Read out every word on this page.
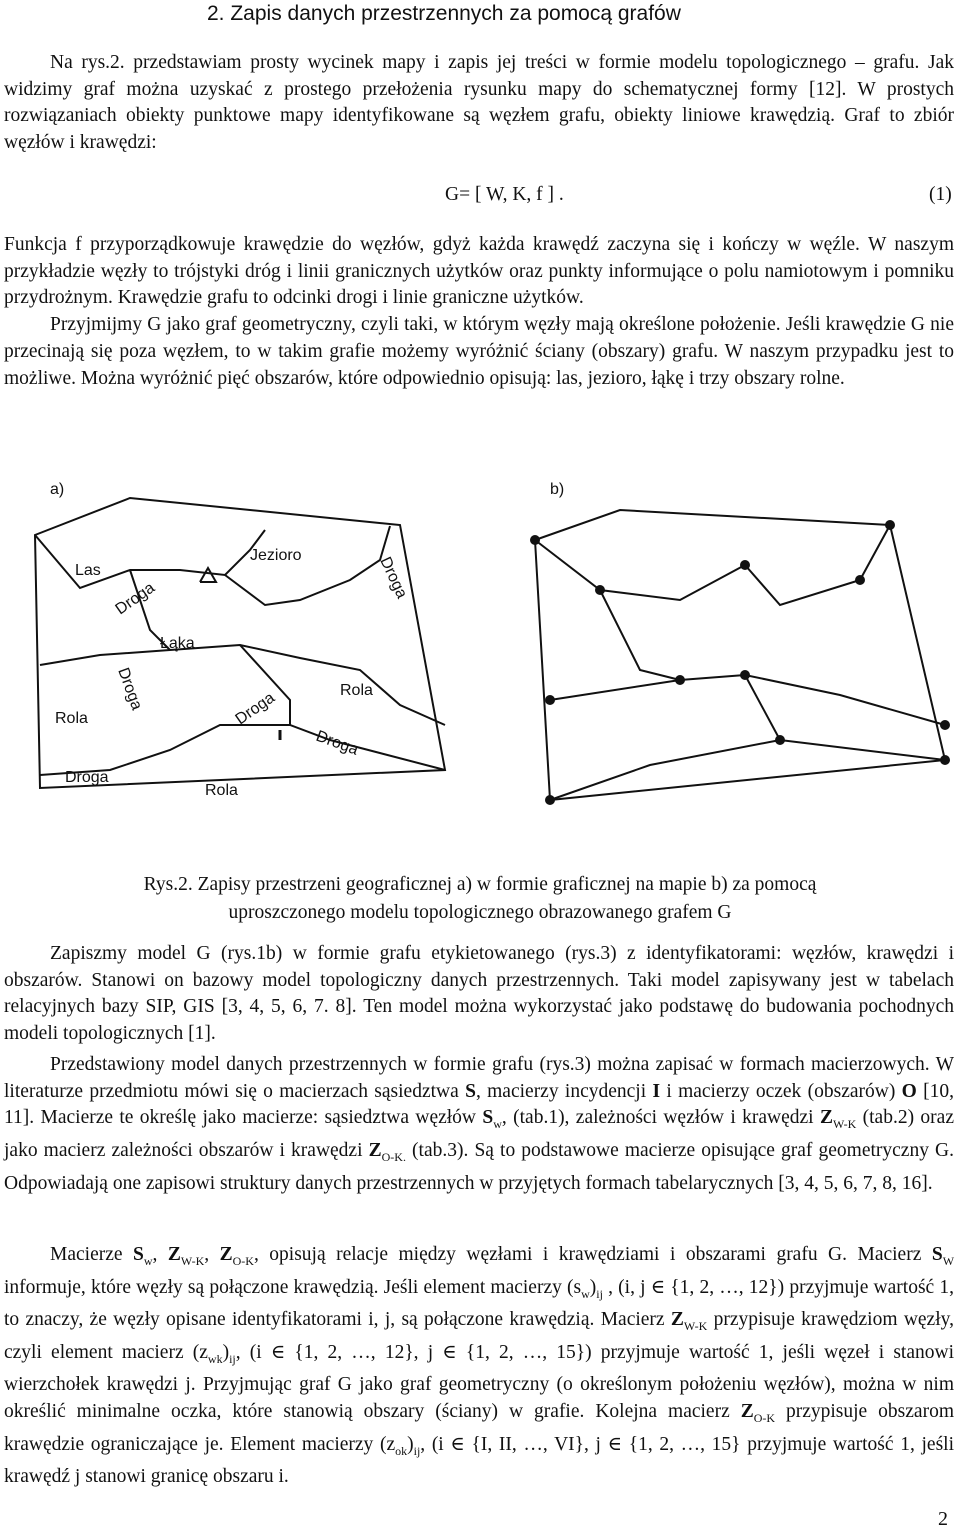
2. Zapis danych przestrzennych za pomocą grafów

Na rys.2. przedstawiam prosty wycinek mapy i zapis jej treści w formie modelu topologicznego – grafu. Jak widzimy graf można uzyskać z prostego przełożenia rysunku mapy do schematycznej formy [12]. W prostych rozwiązaniach obiekty punktowe mapy identyfikowane są węzłem grafu, obiekty liniowe krawędzią. Graf to zbiór węzłów i krawędzi:

G= [ W, K, f ] .	(1)

Funkcja f przyporządkowuje krawędzie do węzłów, gdyż każda krawędź zaczyna się i kończy w węźle. W naszym przykładzie węzły to trójstyki dróg i linii granicznych użytków oraz punkty informujące o polu namiotowym i pomniku przydrożnym. Krawędzie grafu to odcinki drogi i linie graniczne użytków.

Przyjmijmy G jako graf geometryczny, czyli taki, w którym węzły mają określone położenie. Jeśli krawędzie G nie przecinają się poza węzłem, to w takim grafie możemy wyróżnić ściany (obszary) grafu. W naszym przypadku jest to możliwe. Można wyróżnić pięć obszarów, które odpowiednio opisują: las, jezioro, łąkę i trzy obszary rolne.

a)	b)
Las
Jezioro
Łąka
Rola
Rola
Rola
Droga	Droga
Droga	Droga
Droga
Droga
Rys.2. Zapisy przestrzeni geograficznej a) w formie graficznej na mapie b) za pomocą
uproszczonego modelu topologicznego obrazowanego grafem G

Zapiszmy model G (rys.1b) w formie grafu etykietowanego (rys.3) z identyfikatorami: węzłów, krawędzi i obszarów. Stanowi on bazowy model topologiczny danych przestrzennych. Taki model zapisywany jest w tabelach relacyjnych bazy SIP, GIS [3, 4, 5, 6, 7. 8]. Ten model można wykorzystać jako podstawę do budowania pochodnych modeli topologicznych [1].

Przedstawiony model danych przestrzennych w formie grafu (rys.3) można zapisać w formach macierzowych. W literaturze przedmiotu mówi się o macierzach sąsiedztwa S, macierzy incydencji I i macierzy oczek (obszarów) O [10, 11]. Macierze te określę jako macierze: sąsiedztwa węzłów $S_w$, (tab.1), zależności węzłów i krawędzi $Z_{W-K}$ (tab.2) oraz jako macierz zależności obszarów i krawędzi $Z_{O-K.}$ (tab.3). Są to podstawowe macierze opisujące graf geometryczny G. Odpowiadają one zapisowi struktury danych przestrzennych w przyjętych formach tabelarycznych [3, 4, 5, 6, 7, 8, 16].

Macierze $S_w$, $Z_{W-K}$, $Z_{O-K}$, opisują relacje między węzłami i krawędziami i obszarami grafu G. Macierz $S_W$ informuje, które węzły są połączone krawędzią. Jeśli element macierzy $(s_w)_{ij}$ , (i, j ∈ {1, 2, …, 12}) przyjmuje wartość 1, to znaczy, że węzły opisane identyfikatorami i, j, są połączone krawędzią. Macierz $Z_{W-K}$ przypisuje krawędziom węzły, czyli element macierz $(z_{wk})_{ij}$, (i ∈ {1, 2, …, 12}, j ∈ {1, 2, …, 15}) przyjmuje wartość 1, jeśli węzeł i stanowi wierzchołek krawędzi j. Przyjmując graf G jako graf geometryczny (o określonym położeniu węzłów), można w nim określić minimalne oczka, które stanowią obszary (ściany) w grafie. Kolejna macierz $Z_{O-K}$ przypisuje obszarom krawędzie ograniczające je. Element macierzy $(z_{ok})_{ij}$, (i ∈ {I, II, …, VI}, j ∈ {1, 2, …, 15} przyjmuje wartość 1, jeśli krawędź j stanowi granicę obszaru i.

2
